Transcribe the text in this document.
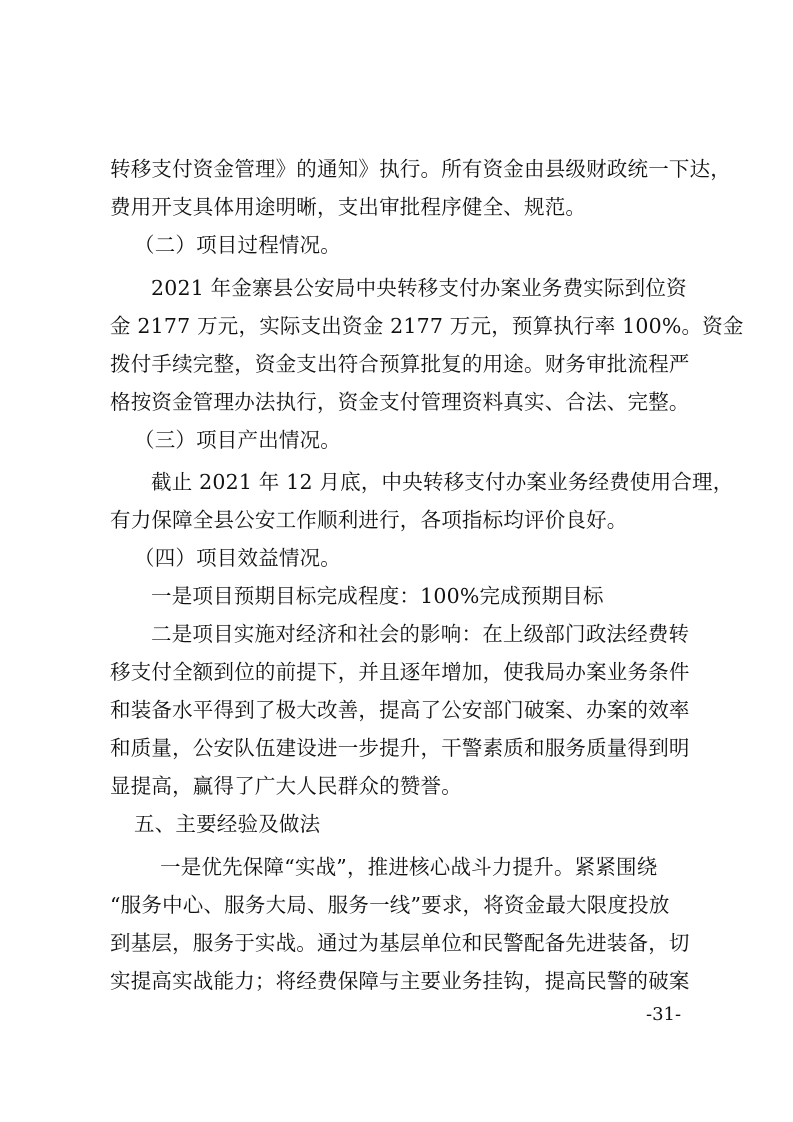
转移支付资金管理》的通知》执行。所有资金由县级财政统一下达，
费用开支具体用途明晰，支出审批程序健全、规范。
（二）项目过程情况。
2021 年金寨县公安局中央转移支付办案业务费实际到位资
金 2177 万元，实际支出资金 2177 万元，预算执行率 100%。资金
拨付手续完整，资金支出符合预算批复的用途。财务审批流程严
格按资金管理办法执行，资金支付管理资料真实、合法、完整。
（三）项目产出情况。
截止 2021 年 12 月底，中央转移支付办案业务经费使用合理，
有力保障全县公安工作顺利进行，各项指标均评价良好。
（四）项目效益情况。
一是项目预期目标完成程度：100%完成预期目标
二是项目实施对经济和社会的影响：在上级部门政法经费转
移支付全额到位的前提下，并且逐年增加，使我局办案业务条件
和装备水平得到了极大改善，提高了公安部门破案、办案的效率
和质量，公安队伍建设进一步提升，干警素质和服务质量得到明
显提高，赢得了广大人民群众的赞誉。
五、主要经验及做法
一是优先保障“实战”，推进核心战斗力提升。紧紧围绕
“服务中心、服务大局、服务一线”要求，将资金最大限度投放
到基层，服务于实战。通过为基层单位和民警配备先进装备，切
实提高实战能力；将经费保障与主要业务挂钩，提高民警的破案
-31-
